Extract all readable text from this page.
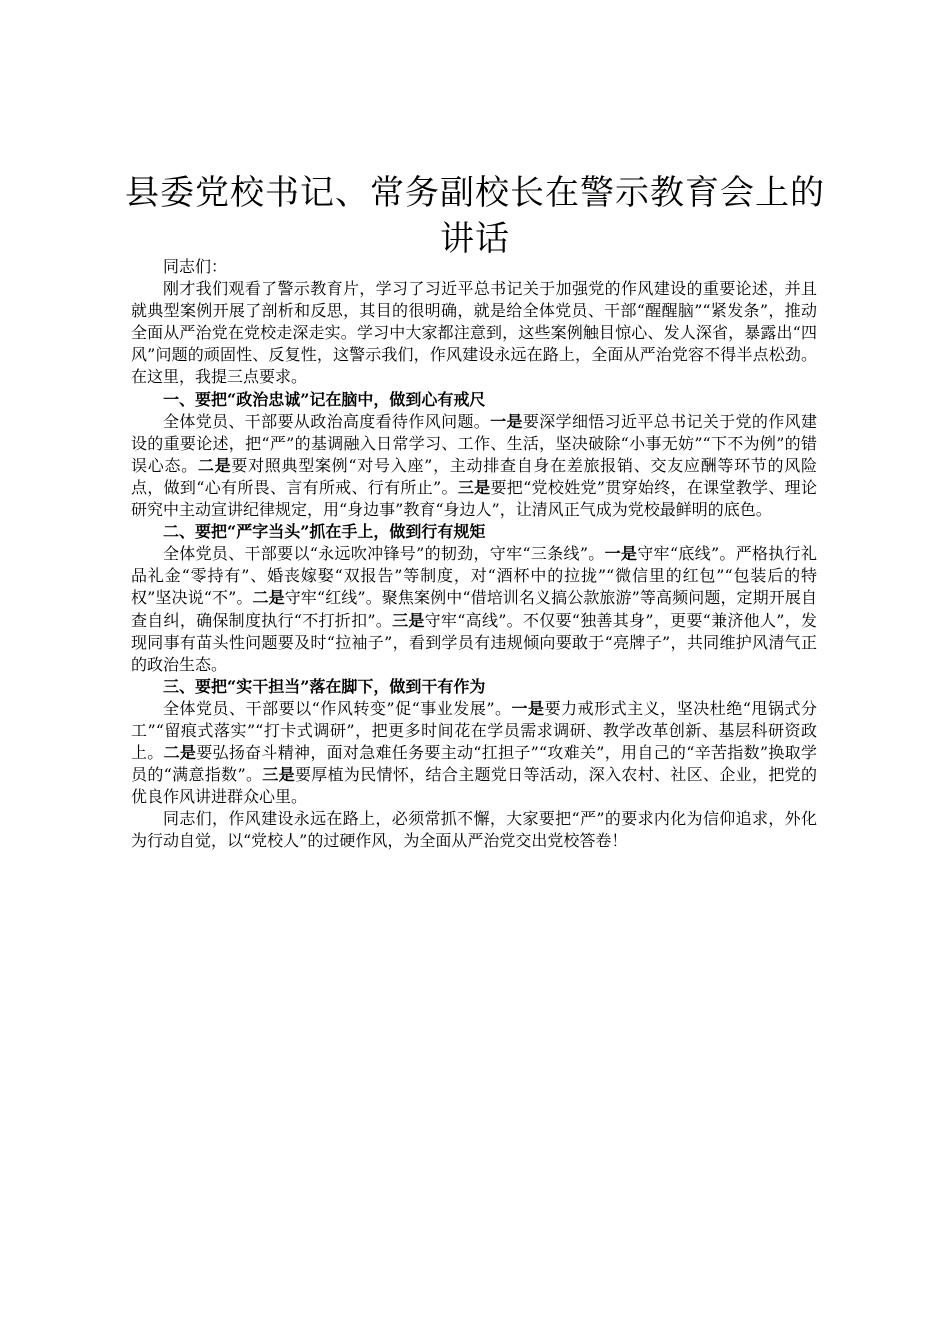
县委党校书记、常务副校长在警示教育会上的讲话

同志们：

刚才我们观看了警示教育片，学习了习近平总书记关于加强党的作风建设的重要论述，并且就典型案例开展了剖析和反思，其目的很明确，就是给全体党员、干部“醒醒脑”“紧发条”，推动全面从严治党在党校走深走实。学习中大家都注意到，这些案例触目惊心、发人深省，暴露出“四风”问题的顽固性、反复性，这警示我们，作风建设永远在路上，全面从严治党容不得半点松劲。在这里，我提三点要求。

一、要把“政治忠诚”记在脑中，做到心有戒尺

全体党员、干部要从政治高度看待作风问题。一是要深学细悟习近平总书记关于党的作风建设的重要论述，把“严”的基调融入日常学习、工作、生活，坚决破除“小事无妨”“下不为例”的错误心态。二是要对照典型案例“对号入座”，主动排查自身在差旅报销、交友应酬等环节的风险点，做到“心有所畏、言有所戒、行有所止”。三是要把“党校姓党”贯穿始终，在课堂教学、理论研究中主动宣讲纪律规定，用“身边事”教育“身边人”，让清风正气成为党校最鲜明的底色。

二、要把“严字当头”抓在手上，做到行有规矩

全体党员、干部要以“永远吹冲锋号”的韧劲，守牢“三条线”。一是守牢“底线”。严格执行礼品礼金“零持有”、婚丧嫁娶“双报告”等制度，对“酒杯中的拉拢”“微信里的红包”“包装后的特权”坚决说“不”。二是守牢“红线”。聚焦案例中“借培训名义搞公款旅游”等高频问题，定期开展自查自纠，确保制度执行“不打折扣”。三是守牢“高线”。不仅要“独善其身”，更要“兼济他人”，发现同事有苗头性问题要及时“拉袖子”，看到学员有违规倾向要敢于“亮牌子”，共同维护风清气正的政治生态。

三、要把“实干担当”落在脚下，做到干有作为

全体党员、干部要以“作风转变”促“事业发展”。一是要力戒形式主义，坚决杜绝“甩锅式分工”“留痕式落实”“打卡式调研”，把更多时间花在学员需求调研、教学改革创新、基层科研资政上。二是要弘扬奋斗精神，面对急难任务要主动“扛担子”“攻难关”，用自己的“辛苦指数”换取学员的“满意指数”。三是要厚植为民情怀，结合主题党日等活动，深入农村、社区、企业，把党的优良作风讲进群众心里。

同志们，作风建设永远在路上，必须常抓不懈，大家要把“严”的要求内化为信仰追求，外化为行动自觉，以“党校人”的过硬作风，为全面从严治党交出党校答卷！
